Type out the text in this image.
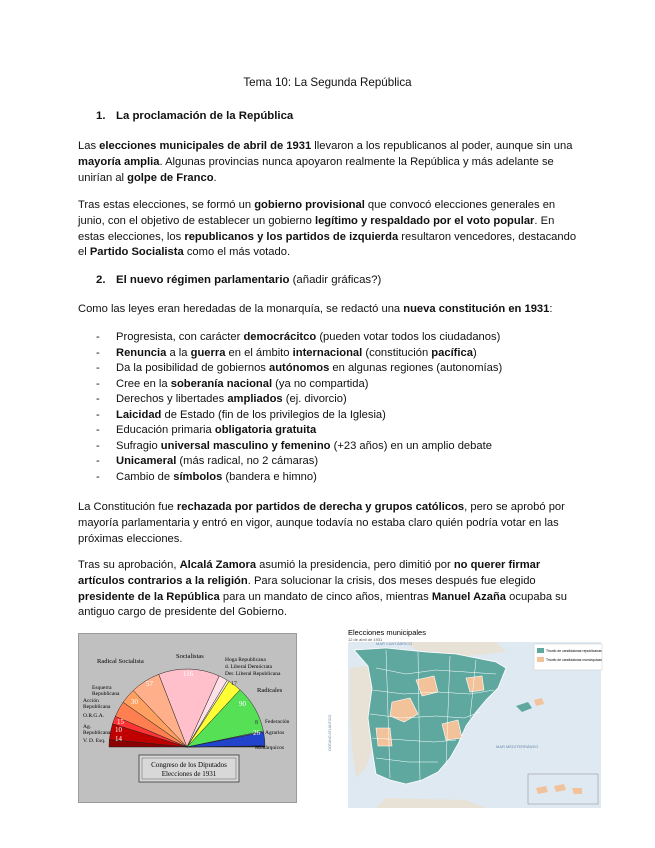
Tema 10: La Segunda República
1. La proclamación de la República
Las elecciones municipales de abril de 1931 llevaron a los republicanos al poder, aunque sin una mayoría amplia. Algunas provincias nunca apoyaron realmente la República y más adelante se unirían al golpe de Franco.
Tras estas elecciones, se formó un gobierno provisional que convocó elecciones generales en junio, con el objetivo de establecer un gobierno legítimo y respaldado por el voto popular. En estas elecciones, los republicanos y los partidos de izquierda resultaron vencedores, destacando el Partido Socialista como el más votado.
2. El nuevo régimen parlamentario (añadir gráficas?)
Como las leyes eran heredadas de la monarquía, se redactó una nueva constitución en 1931:
- Progresista, con carácter democrácitco (pueden votar todos los ciudadanos)
- Renuncia a la guerra en el ámbito internacional (constitución pacífica)
- Da la posibilidad de gobiernos autónomos en algunas regiones (autonomías)
- Cree en la soberanía nacional (ya no compartida)
- Derechos y libertades ampliados (ej. divorcio)
- Laicidad de Estado (fin de los privilegios de la Iglesia)
- Educación primaria obligatoria gratuita
- Sufragio universal masculino y femenino (+23 años) en un amplio debate
- Unicameral (más radical, no 2 cámaras)
- Cambio de símbolos (bandera e himno)
La Constitución fue rechazada por partidos de derecha y grupos católicos, pero se aprobó por mayoría parlamentaria y entró en vigor, aunque todavía no estaba claro quién podría votar en las próximas elecciones.
Tras su aprobación, Alcalá Zamora asumió la presidencia, pero dimitió por no querer firmar artículos contrarios a la religión. Para solucionar la crisis, dos meses después fue elegido presidente de la República para un mandato de cinco años, mientras Manuel Azaña ocupaba su antiguo cargo de presidente del Gobierno.
Radical Socialista
Socialistas	Hoga Republicana
d. Liberal Demócrata
Der. Liberal Republicana
Radicales
Esquerra
Republicana
Acción
Republicana
O.R.G.A.
Ag.
Republicana
V. D. Esq.
Federación
Agrarios
Monárquicos
116
57
90
30
15
10
14
26
17
8
Congreso de los Diputados
Elecciones de 1931
Elecciones municipales
12 de abril de 1931
MAR CANTÁBRICO
MAR MEDITERRÁNEO
OCÉANO ATLÁNTICO
Triunfo de candidaturas republicanas
Triunfo de candidaturas monárquicas
